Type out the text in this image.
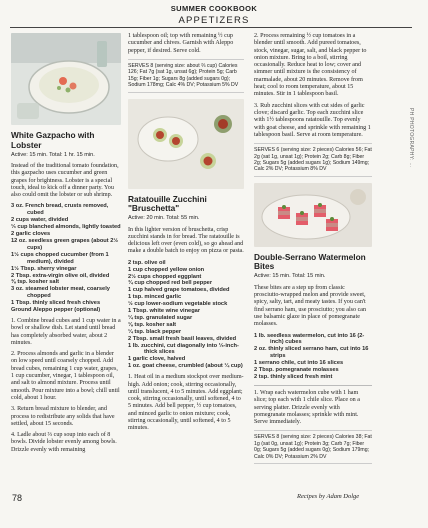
SUMMER COOKBOOK
APPETIZERS
White Gazpacho with Lobster
Active: 15 min. Total: 1 hr. 15 min.

Instead of the traditional tomato foundation, this gazpacho uses cucumber and green grapes for brightness. Lobster is a special touch, ideal to kick off a dinner party. You also could omit the lobster or sub shrimp.

3 oz. French bread, crusts removed, cubed
2 cups water, divided
⅓ cup blanched almonds, lightly toasted
2 garlic cloves
12 oz. seedless green grapes (about 2½ cups)
1½ cups chopped cucumber (from 1 medium), divided
1½ Tbsp. sherry vinegar
2 Tbsp. extra-virgin olive oil, divided
⅜ tsp. kosher salt
3 oz. steamed lobster meat, coarsely chopped
1 Tbsp. thinly sliced fresh chives
Ground Aleppo pepper (optional)

1. Combine bread cubes and 1 cup water in a bowl or shallow dish. Let stand until bread has completely absorbed water, about 2 minutes.

2. Process almonds and garlic in a blender on low speed until coarsely chopped. Add bread cubes, remaining 1 cup water, grapes, 1 cup cucumber, vinegar, 1 tablespoon oil, and salt to almond mixture. Process until smooth. Pour mixture into a bowl; chill until cold, about 1 hour.

3. Return bread mixture to blender, and process to redistribute any solids that have settled, about 15 seconds.

4. Ladle about ⅔ cup soup into each of 8 bowls. Divide lobster evenly among bowls. Drizzle evenly with remaining

1 tablespoon oil; top with remaining ½ cup cucumber and chives. Garnish with Aleppo pepper, if desired. Serve cold.

SERVES 8 (serving size: about ⅔ cup) Calories 126; Fat 7g (sat 1g, unsat 6g); Protein 5g; Carb 15g; Fiber 1g; Sugars 8g (added sugars 0g); Sodium 178mg; Calc 4% DV; Potassium 5% DV
Ratatouille Zucchini "Bruschetta"
Active: 20 min. Total: 55 min.

In this lighter version of bruschetta, crisp zucchini stands in for bread. The ratatouille is delicious left over (even cold), so go ahead and make a double batch to enjoy on pizza or pasta.

2 tsp. olive oil
1 cup chopped yellow onion
2½ cups chopped eggplant
¾ cup chopped red bell pepper
1 cup halved grape tomatoes, divided
1 tsp. minced garlic
½ cup lower-sodium vegetable stock
1 Tbsp. white wine vinegar
¼ tsp. granulated sugar
⅛ tsp. kosher salt
¼ tsp. black pepper
2 Tbsp. small fresh basil leaves, divided
1 lb. zucchini, cut diagonally into ⅓-inch-thick slices
1 garlic clove, halved
1 oz. goat cheese, crumbled (about ¼ cup)

1. Heat oil in a medium stockpot over medium-high. Add onion; cook, stirring occasionally, until translucent, 4 to 5 minutes. Add eggplant; cook, stirring occasionally, until softened, 4 to 5 minutes. Add bell pepper, ½ cup tomatoes, and minced garlic to onion mixture; cook, stirring occasionally, until softened, 4 to 5 minutes.

2. Process remaining ½ cup tomatoes in a blender until smooth. Add pureed tomatoes, stock, vinegar, sugar, salt, and black pepper to onion mixture. Bring to a boil, stirring occasionally. Reduce heat to low; cover and simmer until mixture is the consistency of marmalade, about 20 minutes. Remove from heat; cool to room temperature, about 15 minutes. Stir in 1 tablespoon basil.

3. Rub zucchini slices with cut sides of garlic clove; discard garlic. Top each zucchini slice with 1½ tablespoons ratatouille. Top evenly with goat cheese, and sprinkle with remaining 1 tablespoon basil. Serve at room temperature.

SERVES 6 (serving size: 2 pieces) Calories 56; Fat 2g (sat 1g, unsat 1g); Protein 2g; Carb 8g; Fiber 2g; Sugars 5g (added sugars 1g); Sodium 149mg; Calc 2% DV; Potassium 8% DV
Double-Serrano Watermelon Bites
Active: 15 min. Total: 15 min.

These bites are a step up from classic prosciutto-wrapped melon and provide sweet, spicy, salty, tart, and meaty tastes. If you can't find serrano ham, use prosciutto; you also can use balsamic glaze in place of pomegranate molasses.

1 lb. seedless watermelon, cut into 16 (2-inch) cubes
2 oz. thinly sliced serrano ham, cut into 16 strips
1 serrano chile, cut into 16 slices
2 Tbsp. pomegranate molasses
2 tsp. thinly sliced fresh mint

1. Wrap each watermelon cube with 1 ham slice; top each with 1 chile slice. Place on a serving platter. Drizzle evenly with pomegranate molasses; sprinkle with mint. Serve immediately.

SERVES 8 (serving size: 2 pieces) Calories 38; Fat 1g (sat 0g, unsat 1g); Protein 3g; Carb 7g; Fiber 0g; Sugars 5g (added sugars 0g); Sodium 179mg; Calc 0% DV; Potassium 2% DV
PH PHOTOGRAPHY: ...
78	Recipes by Adam Dolge
